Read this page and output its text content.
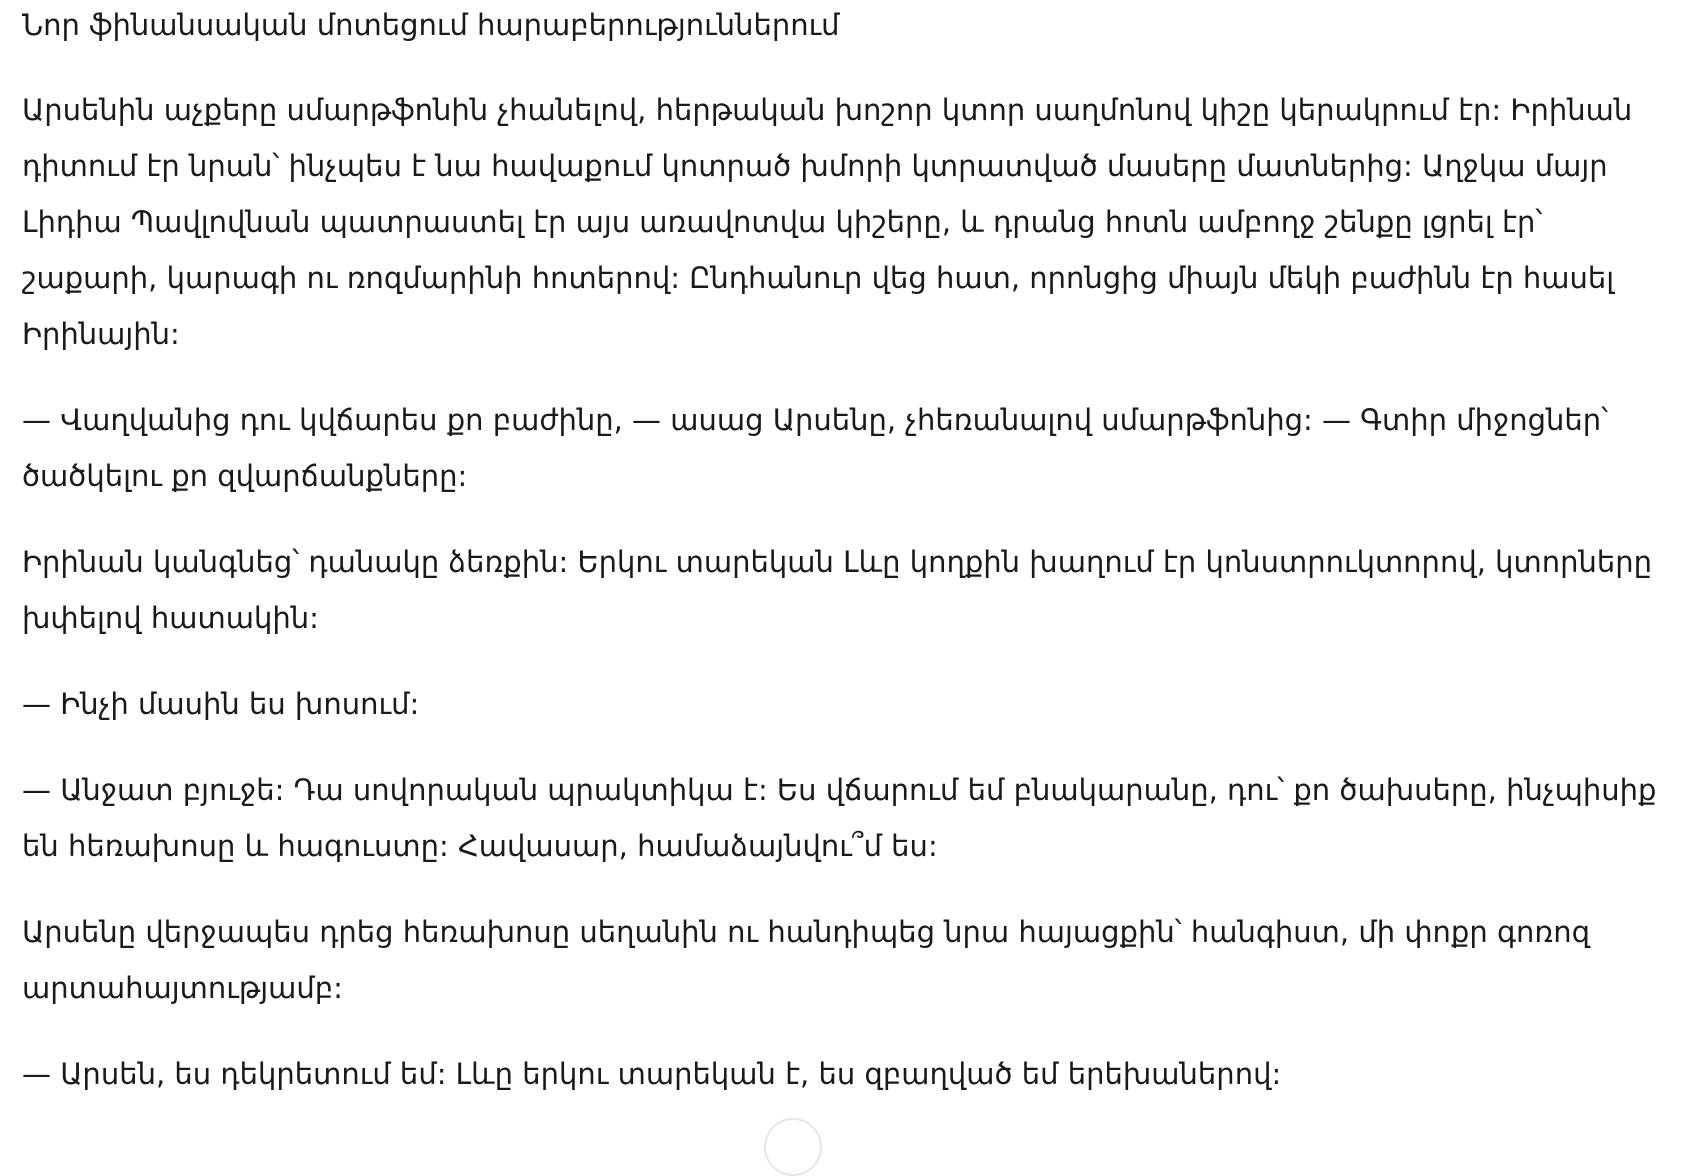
Նոր ֆինանսական մոտեցում հարաբերություններում

Արսենին աչքերը սմարթֆոնին չհանելով, հերթական խոշոր կտոր սաղմոնով կիշը կերակրում էր: Իրինան դիտում էր նրան՝ ինչպես է նա հավաքում կոտրած խմորի կտրատված մասերը մատներից: Աղջկա մայր Լիդիա Պավլովնան պատրաստել էր այս առավոտվա կիշերը, և դրանց հոտն ամբողջ շենքը լցրել էր՝ շաքարի, կարագի ու ռոզմարինի հոտերով: Ընդհանուր վեց հատ, որոնցից միայն մեկի բաժինն էր հասել Իրինային:

— Վաղվանից դու կվճարես քո բաժինը, — ասաց Արսենը, չհեռանալով սմարթֆոնից: — Գտիր միջոցներ՝ ծածկելու քո զվարճանքները:

Իրինան կանգնեց՝ դանակը ձեռքին: Երկու տարեկան Լևը կողքին խաղում էր կոնստրուկտորով, կտորները խփելով հատակին:

— Ինչի մասին ես խոսում:

— Անջատ բյուջե: Դա սովորական պրակտիկա է: Ես վճարում եմ բնակարանը, դու՝ քո ծախսերը, ինչպիսիք են հեռախոսը և հագուստը: Հավասար, համաձայնվու՞մ ես:

Արսենը վերջապես դրեց հեռախոսը սեղանին ու հանդիպեց նրա հայացքին՝ հանգիստ, մի փոքր գոռոզ արտահայտությամբ:

— Արսեն, ես դեկրետում եմ: Լևը երկու տարեկան է, ես զբաղված եմ երեխաներով:
